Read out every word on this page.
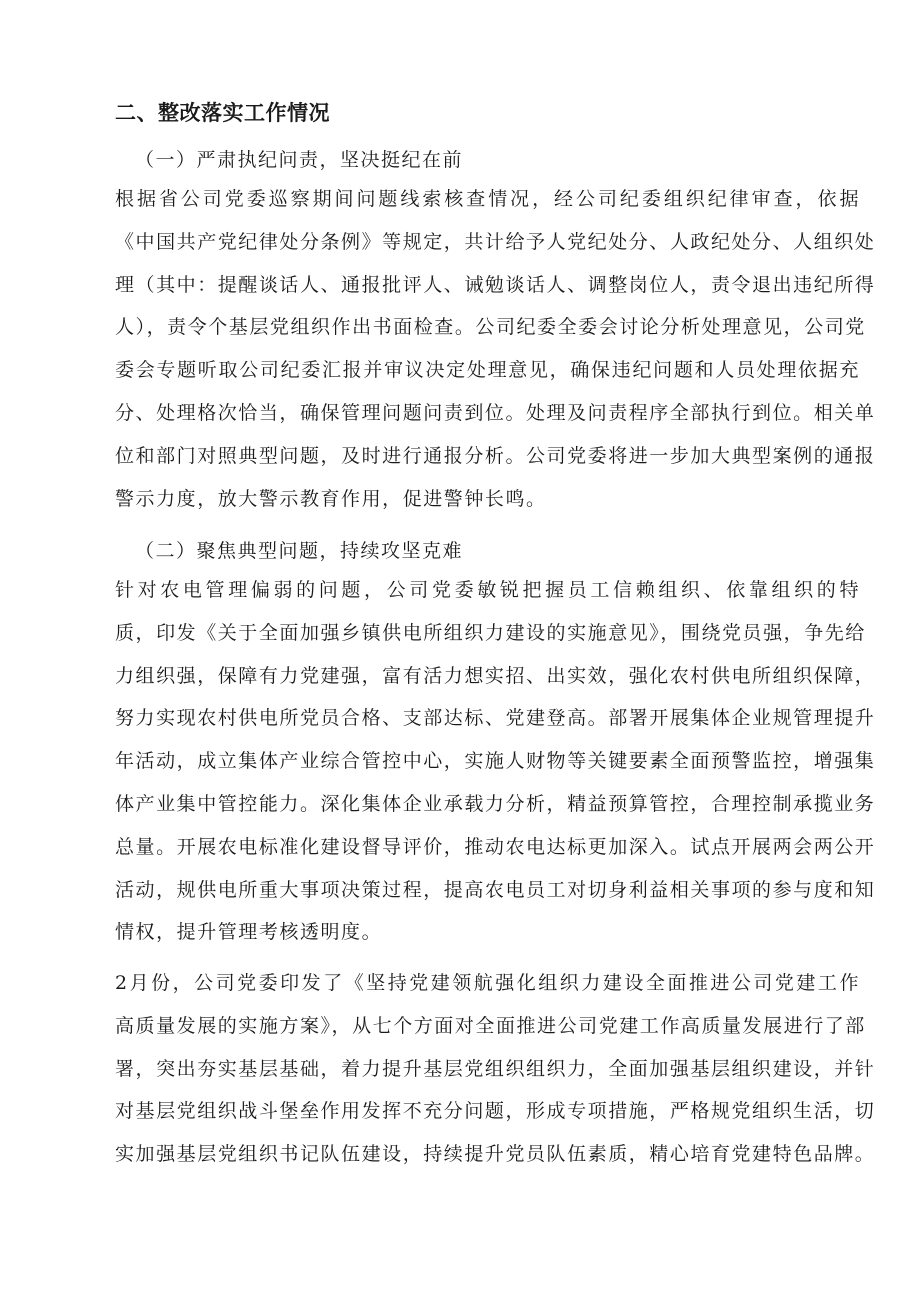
二、整改落实工作情况

（一）严肃执纪问责，坚决挺纪在前

根据省公司党委巡察期间问题线索核查情况，经公司纪委组织纪律审查，依据
《中国共产党纪律处分条例》等规定，共计给予人党纪处分、人政纪处分、人组织处
理（其中：提醒谈话人、通报批评人、诫勉谈话人、调整岗位人，责令退出违纪所得
人），责令个基层党组织作出书面检查。公司纪委全委会讨论分析处理意见，公司党
委会专题听取公司纪委汇报并审议决定处理意见，确保违纪问题和人员处理依据充
分、处理格次恰当，确保管理问题问责到位。处理及问责程序全部执行到位。相关单
位和部门对照典型问题，及时进行通报分析。公司党委将进一步加大典型案例的通报
警示力度，放大警示教育作用，促进警钟长鸣。

（二）聚焦典型问题，持续攻坚克难

针对农电管理偏弱的问题，公司党委敏锐把握员工信赖组织、依靠组织的特
质，印发《关于全面加强乡镇供电所组织力建设的实施意见》，围绕党员强，争先给
力组织强，保障有力党建强，富有活力想实招、出实效，强化农村供电所组织保障，
努力实现农村供电所党员合格、支部达标、党建登高。部署开展集体企业规管理提升
年活动，成立集体产业综合管控中心，实施人财物等关键要素全面预警监控，增强集
体产业集中管控能力。深化集体企业承载力分析，精益预算管控，合理控制承揽业务
总量。开展农电标准化建设督导评价，推动农电达标更加深入。试点开展两会两公开
活动，规供电所重大事项决策过程，提高农电员工对切身利益相关事项的参与度和知
情权，提升管理考核透明度。

2月份，公司党委印发了《坚持党建领航强化组织力建设全面推进公司党建工作
高质量发展的实施方案》，从七个方面对全面推进公司党建工作高质量发展进行了部
署，突出夯实基层基础，着力提升基层党组织组织力，全面加强基层组织建设，并针
对基层党组织战斗堡垒作用发挥不充分问题，形成专项措施，严格规党组织生活，切
实加强基层党组织书记队伍建设，持续提升党员队伍素质，精心培育党建特色品牌。
